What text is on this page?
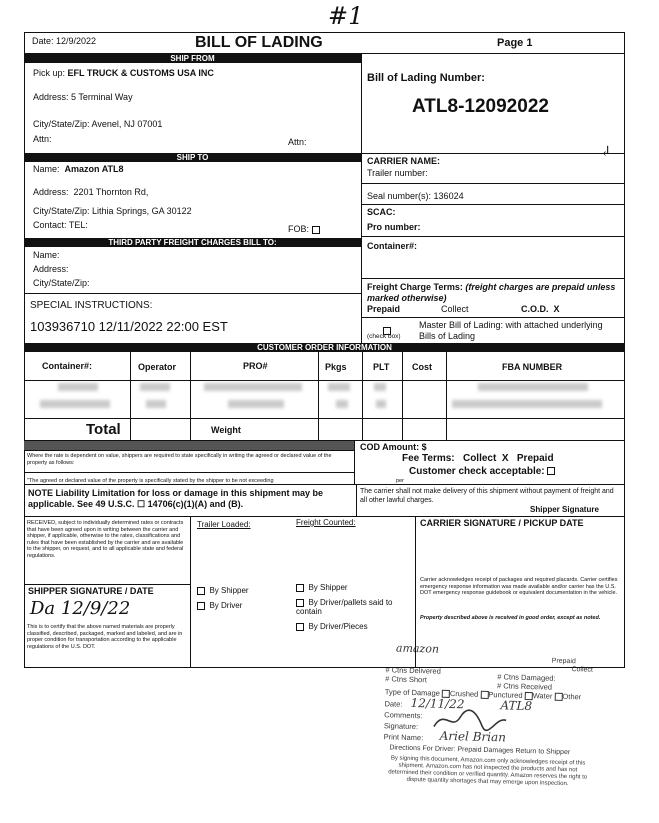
#1
Date: 12/9/2022	BILL OF LADING	Page 1
SHIP FROM
Pick up: EFL TRUCK & CUSTOMS USA INC
Address: 5 Terminal Way
City/State/Zip: Avenel, NJ 07001
Attn:	Attn:
Bill of Lading Number:
ATL8-12092022
SHIP TO
Name: Amazon ATL8
Address: 2201 Thornton Rd,
City/State/Zip: Lithia Springs, GA 30122
Contact: TEL:	FOB:
CARRIER NAME:
Trailer number:
Seal number(s): 136024
SCAC:
Pro number:
Container#:
↲
THIRD PARTY FREIGHT CHARGES BILL TO:
Name:
Address:
City/State/Zip:	Freight Charge Terms: (freight charges are prepaid unless marked otherwise)
Prepaid	Collect	C.O.D. X
(check box)
Master Bill of Lading: with attached underlying Bills of Lading
SPECIAL INSTRUCTIONS:
103936710 12/11/2022 22:00 EST
CUSTOMER ORDER INFORMATION
Container#:	Operator	PRO#	Pkgs	PLT	Cost	FBA NUMBER
Total	Weight
COD Amount: $
Fee Terms: Collect X Prepaid
Customer check acceptable:
Where the rate is dependent on value, shippers are required to state specifically in writing the agreed or declared value of the property as follows:
"The agreed or declared value of the property is specifically stated by the shipper to be not exceeding	per
NOTE Liability Limitation for loss or damage in this shipment may be applicable. See 49 U.S.C. ☐ 14706(c)(1)(A) and (B).
The carrier shall not make delivery of this shipment without payment of freight and all other lawful charges.
Shipper Signature
RECEIVED, subject to individually determined rates or contracts that have been agreed upon in writing between the carrier and shipper, if applicable, otherwise to the rates, classifications and rules that have been established by the carrier and are available to the shipper, on request, and to all applicable state and federal regulations.
SHIPPER SIGNATURE / DATE
Da 12/9/22
This is to certify that the above named materials are properly classified, described, packaged, marked and labeled, and are in proper condition for transportation according to the applicable regulations of the U.S. DOT.
Trailer Loaded:
By Shipper
By Driver
Freight Counted:
By Shipper
By Driver/pallets said to contain
By Driver/Pieces
CARRIER SIGNATURE / PICKUP DATE
Carrier acknowledges receipt of packages and required placards. Carrier certifies emergency response information was made available and/or carrier has the U.S. DOT emergency response guidebook or equivalent documentation in the vehicle.
Property described above is received in good order, except as noted.
amazon
Prepaid
Collect
# Ctns Delivered
# Ctns Damaged:
# Ctns Short
# Ctns Received
Type of Damage Crushed Punctured Water Other
Date: 12/11/22	ATL8
Comments:
Signature:
Print Name: Ariel Brian
Directions For Driver: Prepaid Damages Return to Shipper
By signing this document, Amazon.com only acknowledges receipt of this shipment. Amazon.com has not inspected the products and has not determined their condition or verified quantity. Amazon reserves the right to dispute quantity shortages that may emerge upon inspection.
